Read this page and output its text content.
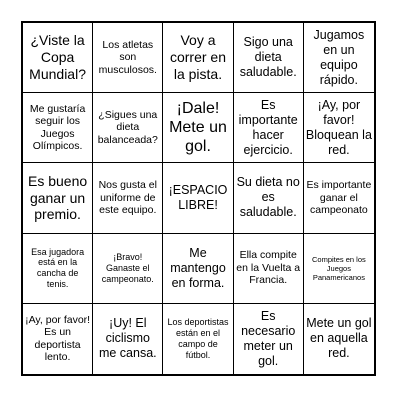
¿Viste la Copa Mundial?
Los atletas son musculosos.
Voy a correr en la pista.
Sigo una dieta saludable.
Jugamos en un equipo rápido.
Me gustaría seguir los Juegos Olímpicos.
¿Sigues una dieta balanceada?
¡Dale! Mete un gol.
Es importante hacer ejercicio.
¡Ay, por favor! Bloquean la red.
Es bueno ganar un premio.
Nos gusta el uniforme de este equipo.
¡ESPACIO LIBRE!
Su dieta no es saludable.
Es importante ganar el campeonato
Esa jugadora está en la cancha de tenis.
¡Bravo! Ganaste el campeonato.
Me mantengo en forma.
Ella compite en la Vuelta a Francia.
Compites en los Juegos Panamericanos
¡Ay, por favor! Es un deportista lento.
¡Uy! El ciclismo me cansa.
Los deportistas están en el campo de fútbol.
Es necesario meter un gol.
Mete un gol en aquella red.
